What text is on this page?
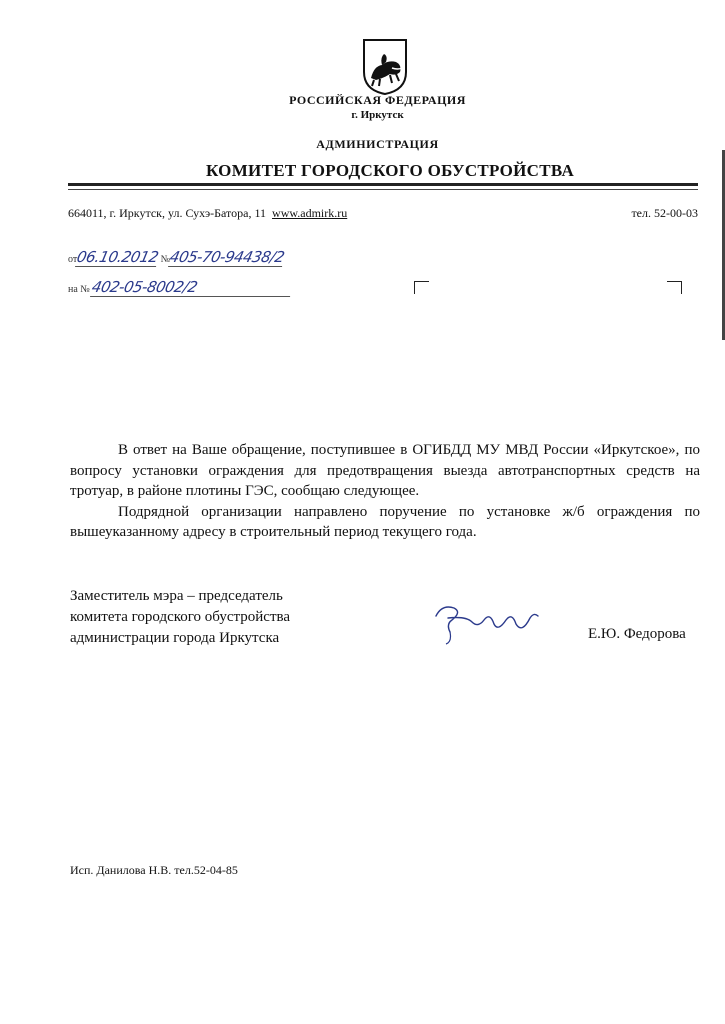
РОССИЙСКАЯ ФЕДЕРАЦИЯ
г. Иркутск
АДМИНИСТРАЦИЯ
КОМИТЕТ ГОРОДСКОГО ОБУСТРОЙСТВА
664011, г. Иркутск, ул. Сухэ-Батора, 11 www.admirk.ru	тел. 52-00-03
от06.10.2012 №405-70-94438/2
на № 402-05-8002/2

В ответ на Ваше обращение, поступившее в ОГИБДД МУ МВД России «Иркутское», по вопросу установки ограждения для предотвращения выезда автотранспортных средств на тротуар, в районе плотины ГЭС, сообщаю следующее.

Подрядной организации направлено поручение по установке ж/б ограждения по вышеуказанному адресу в строительный период текущего года.

Заместитель мэра – председатель
комитета городского обустройства
администрации города Иркутска	Е.Ю. Федорова
Исп. Данилова Н.В. тел.52-04-85
